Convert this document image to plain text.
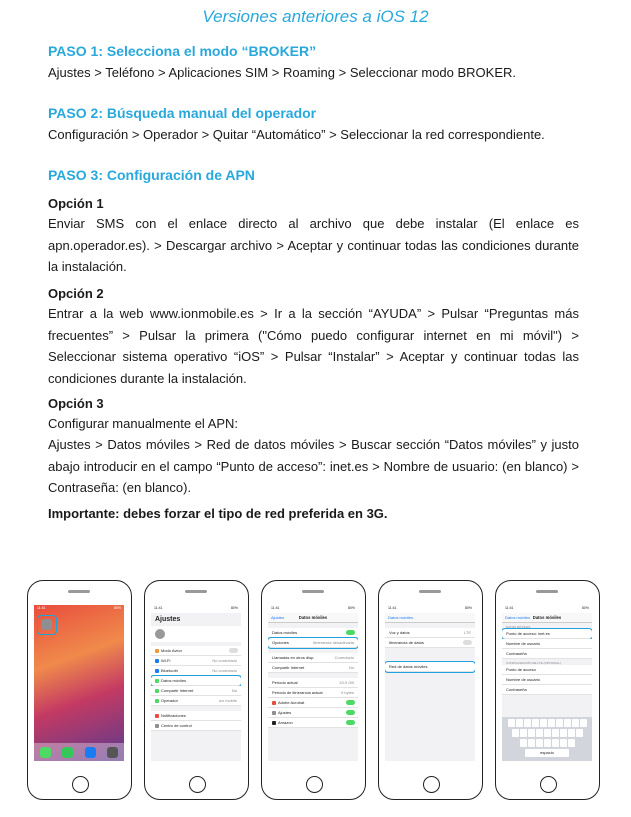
Versiones anteriores a iOS 12
PASO 1: Selecciona el modo “BROKER”
Ajustes > Teléfono > Aplicaciones SIM > Roaming > Seleccionar modo BROKER.
PASO 2: Búsqueda manual del operador
Configuración > Operador > Quitar “Automático” > Seleccionar la red correspondiente.
PASO 3: Configuración de APN
Opción 1
Enviar SMS con el enlace directo al archivo que debe instalar (El enlace es apn.operador.es). > Descargar archivo > Aceptar y continuar todas las condiciones durante la instalación.
Opción 2
Entrar a la web www.ionmobile.es > Ir a la sección “AYUDA” > Pulsar “Preguntas más frecuentes” > Pulsar la primera ("Cómo puedo configurar internet en mi móvil") > Seleccionar sistema operativo “iOS” > Pulsar “Instalar” > Aceptar y continuar todas las condiciones durante la instalación.
Opción 3
Configurar manualmente el APN:
Ajustes > Datos móviles > Red de datos móviles > Buscar sección “Datos móviles” y justo abajo introducir en el campo “Punto de acceso”: inet.es > Nombre de usuario: (en blanco) > Contraseña: (en blanco).
Importante: debes forzar el tipo de red preferida en 3G.
11:41	80%	11:41	80%
Ajustes
Modo Avión
Wi-Fi	No conectado
Bluetooth	No conectado
Datos móviles
Compartir Internet	No
Operador	ion mobile
Notificaciones
Centro de control
11:41	80%
Ajustes	Datos móviles
Datos móviles
Opciones	Itinerancia desactivada
Llamadas en otros disp.	Conectado
Compartir Internet	No
Periodo actual	43,9 GB
Periodo de itinerancia actual	0 bytes
Adobe Acrobat
Ajustes
Amazon
11:41	80%
Datos móviles
Voz y datos	LTE
Itinerancia de datos
Red de datos móviles
11:41	80%
Datos móviles Datos móviles
DATOS MÓVILES
Punto de acceso: inet.es
Nombre de usuario
Contraseña
CONFIGURACIÓN DE LTE (OPCIONAL)
Punto de acceso
Nombre de usuario
Contraseña
espacio
